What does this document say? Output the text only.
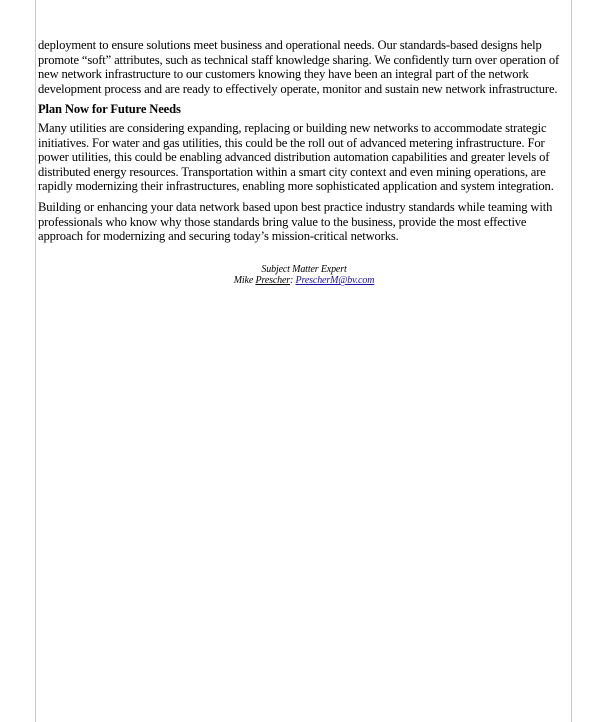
deployment to ensure solutions meet business and operational needs. Our standards-based designs help promote “soft” attributes, such as technical staff knowledge sharing. We confidently turn over operation of new network infrastructure to our customers knowing they have been an integral part of the network development process and are ready to effectively operate, monitor and sustain new network infrastructure.

Plan Now for Future Needs

Many utilities are considering expanding, replacing or building new networks to accommodate strategic initiatives. For water and gas utilities, this could be the roll out of advanced metering infrastructure. For power utilities, this could be enabling advanced distribution automation capabilities and greater levels of distributed energy resources. Transportation within a smart city context and even mining operations, are rapidly modernizing their infrastructures, enabling more sophisticated application and system integration.

Building or enhancing your data network based upon best practice industry standards while teaming with professionals who know why those standards bring value to the business, provide the most effective approach for modernizing and securing today’s mission-critical networks.

Subject Matter Expert
Mike Prescher: PrescherM@bv.com
